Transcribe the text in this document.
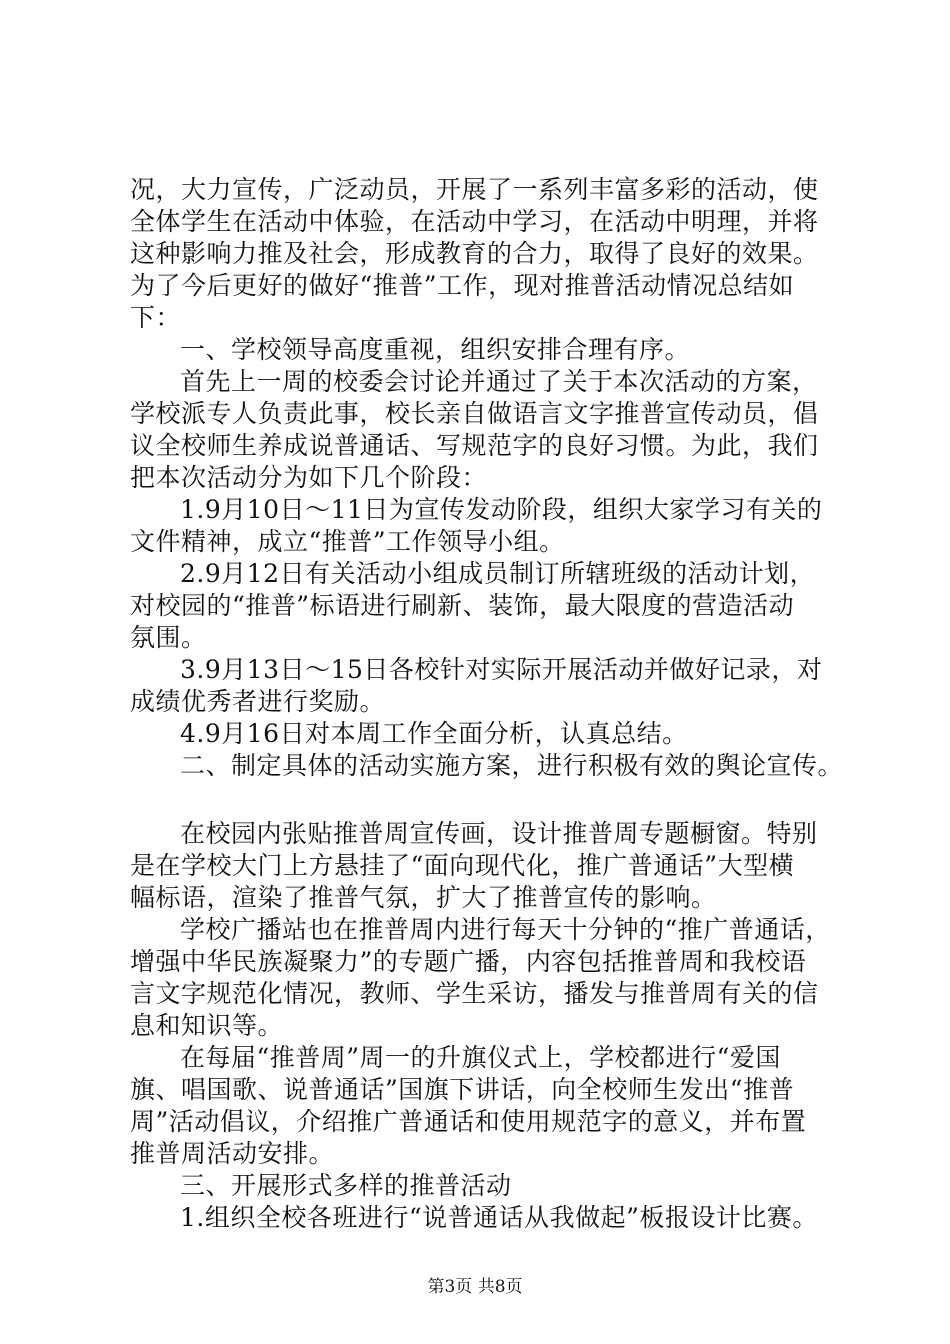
况，大力宣传，广泛动员，开展了一系列丰富多彩的活动，使

全体学生在活动中体验，在活动中学习，在活动中明理，并将

这种影响力推及社会，形成教育的合力，取得了良好的效果。

为了今后更好的做好“推普”工作，现对推普活动情况总结如

下：

一、学校领导高度重视，组织安排合理有序。

首先上一周的校委会讨论并通过了关于本次活动的方案，

学校派专人负责此事，校长亲自做语言文字推普宣传动员，倡

议全校师生养成说普通话、写规范字的良好习惯。为此，我们

把本次活动分为如下几个阶段：

1.9月10日～11日为宣传发动阶段，组织大家学习有关的

文件精神，成立“推普”工作领导小组。

2.9月12日有关活动小组成员制订所辖班级的活动计划，

对校园的“推普”标语进行刷新、装饰，最大限度的营造活动

氛围。

3.9月13日～15日各校针对实际开展活动并做好记录，对

成绩优秀者进行奖励。

4.9月16日对本周工作全面分析，认真总结。

二、制定具体的活动实施方案，进行积极有效的舆论宣传。

在校园内张贴推普周宣传画，设计推普周专题橱窗。特别

是在学校大门上方悬挂了“面向现代化，推广普通话”大型横

幅标语，渲染了推普气氛，扩大了推普宣传的影响。

学校广播站也在推普周内进行每天十分钟的“推广普通话，

增强中华民族凝聚力”的专题广播，内容包括推普周和我校语

言文字规范化情况，教师、学生采访，播发与推普周有关的信

息和知识等。

在每届“推普周”周一的升旗仪式上，学校都进行“爱国

旗、唱国歌、说普通话”国旗下讲话，向全校师生发出“推普

周”活动倡议，介绍推广普通话和使用规范字的意义，并布置

推普周活动安排。

三、开展形式多样的推普活动

1.组织全校各班进行“说普通话从我做起”板报设计比赛。

第3页 共8页
